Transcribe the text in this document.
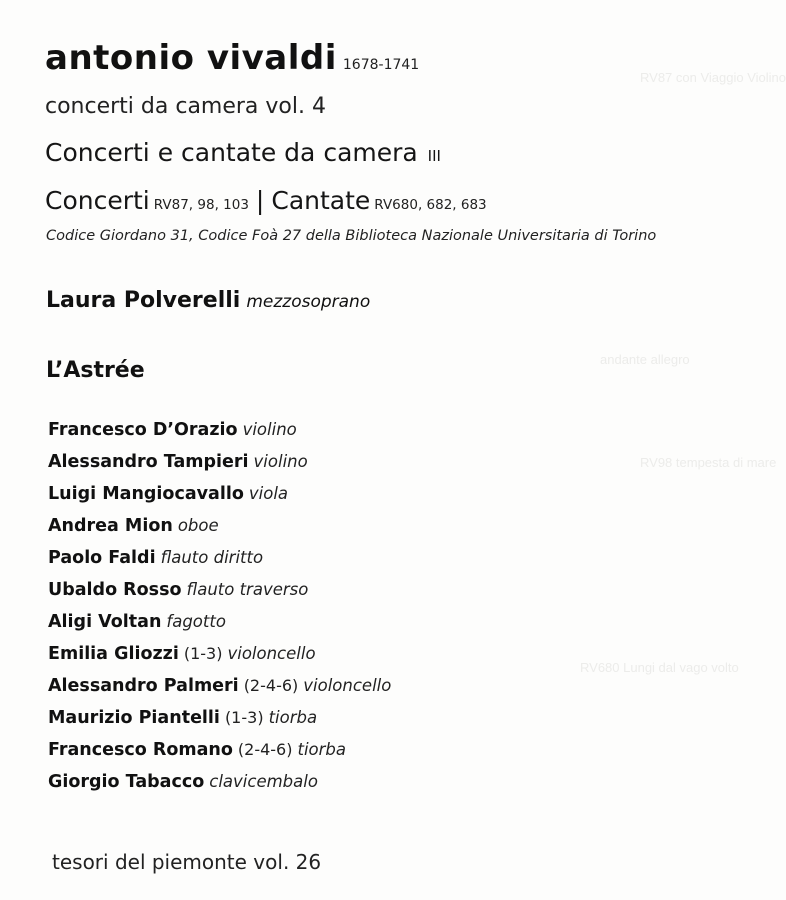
RV87 con Viaggio Violino
andante allegro
RV98 tempesta di mare
RV680 Lungi dal vago volto
antonio vivaldi 1678-1741
concerti da camera vol. 4
Concerti e cantate da camera III
Concerti RV87, 98, 103 | Cantate RV680, 682, 683
Codice Giordano 31, Codice Foà 27 della Biblioteca Nazionale Universitaria di Torino
Laura Polverelli mezzosoprano
L’Astrée
Francesco D’Orazio violino
Alessandro Tampieri violino
Luigi Mangiocavallo viola
Andrea Mion oboe
Paolo Faldi flauto diritto
Ubaldo Rosso flauto traverso
Aligi Voltan fagotto
Emilia Gliozzi (1-3) violoncello
Alessandro Palmeri (2-4-6) violoncello
Maurizio Piantelli (1-3) tiorba
Francesco Romano (2-4-6) tiorba
Giorgio Tabacco clavicembalo
tesori del piemonte vol. 26
